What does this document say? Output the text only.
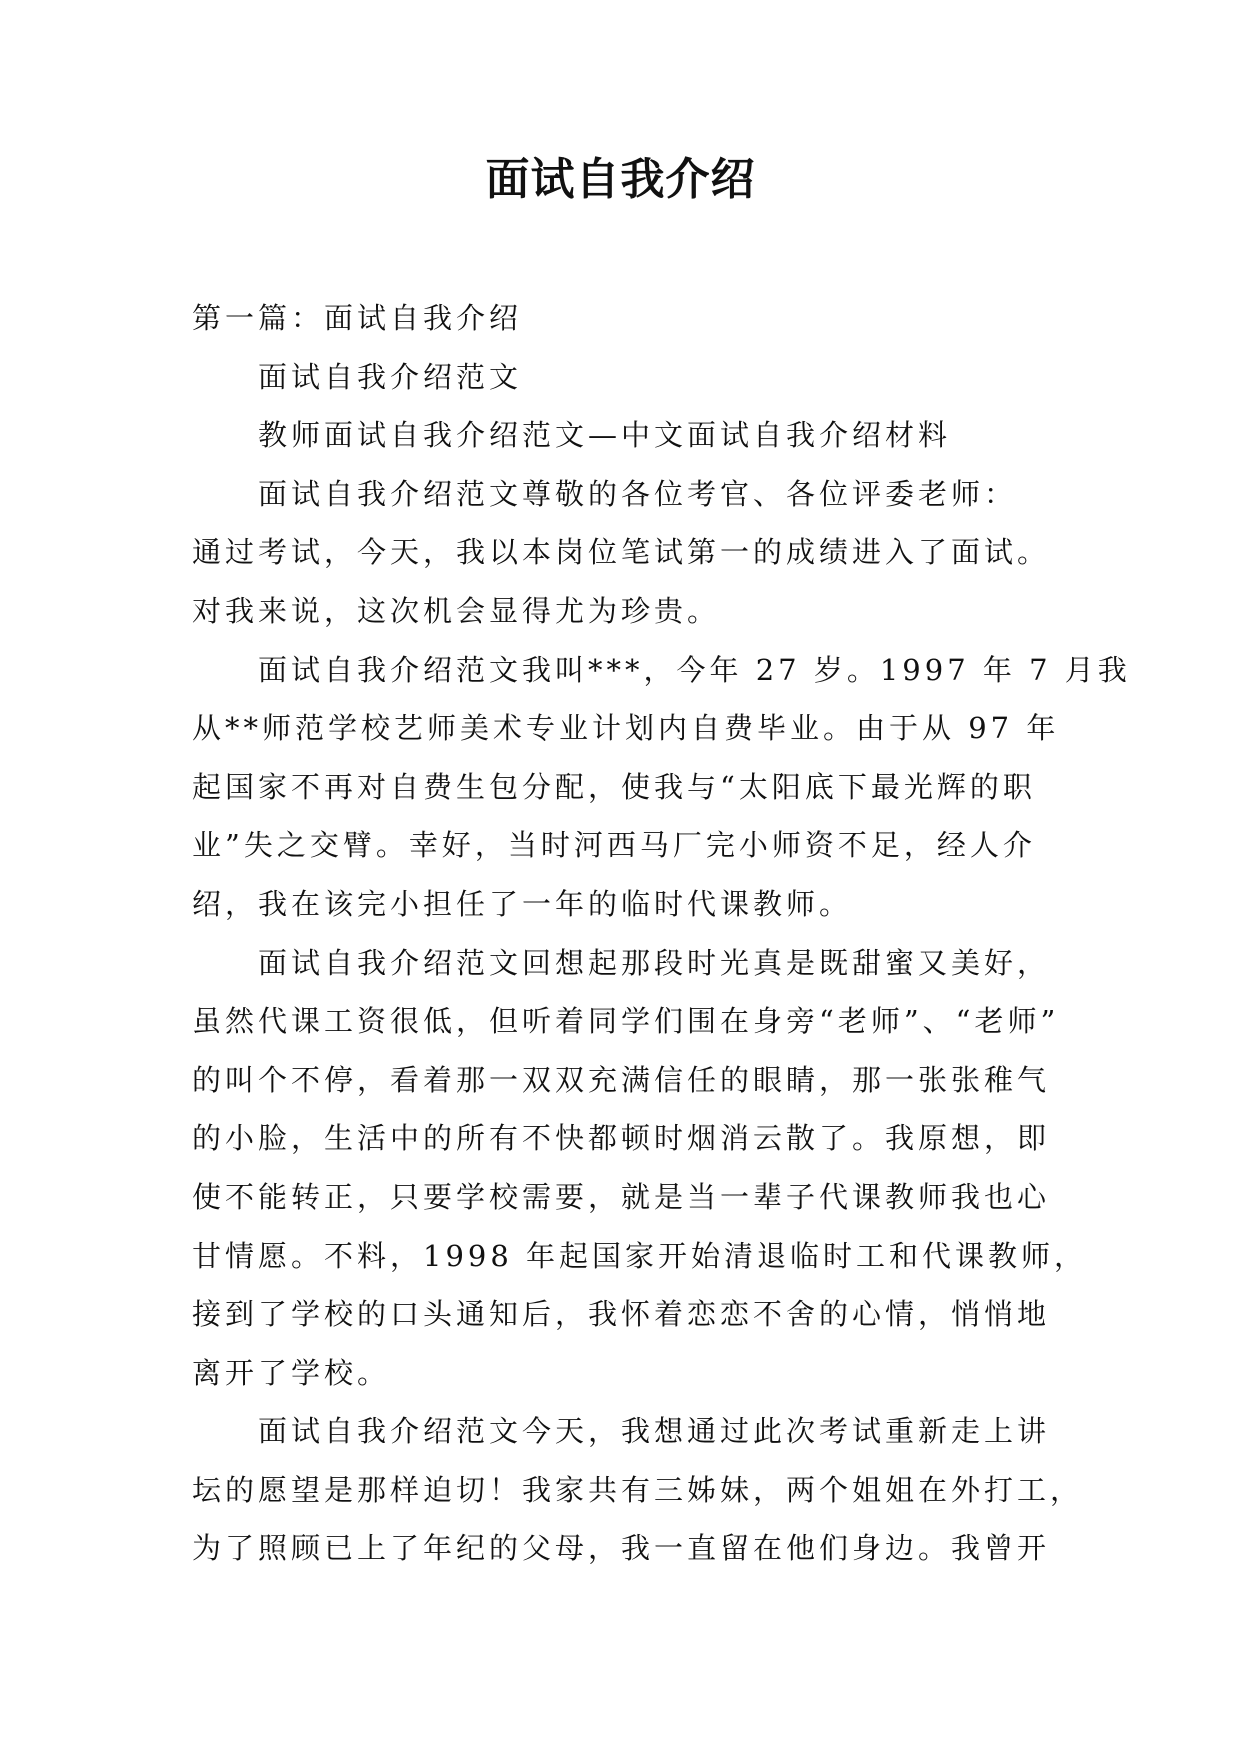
面试自我介绍
第一篇：面试自我介绍
　　面试自我介绍范文
　　教师面试自我介绍范文—中文面试自我介绍材料
　　面试自我介绍范文尊敬的各位考官、各位评委老师：
通过考试，今天，我以本岗位笔试第一的成绩进入了面试。
对我来说，这次机会显得尤为珍贵。
　　面试自我介绍范文我叫***，今年 27 岁。1997 年 7 月我
从**师范学校艺师美术专业计划内自费毕业。由于从 97 年
起国家不再对自费生包分配，使我与“太阳底下最光辉的职
业”失之交臂。幸好，当时河西马厂完小师资不足，经人介
绍，我在该完小担任了一年的临时代课教师。
　　面试自我介绍范文回想起那段时光真是既甜蜜又美好，
虽然代课工资很低，但听着同学们围在身旁“老师”、“老师”
的叫个不停，看着那一双双充满信任的眼睛，那一张张稚气
的小脸，生活中的所有不快都顿时烟消云散了。我原想，即
使不能转正，只要学校需要，就是当一辈子代课教师我也心
甘情愿。不料，1998 年起国家开始清退临时工和代课教师，
接到了学校的口头通知后，我怀着恋恋不舍的心情，悄悄地
离开了学校。
　　面试自我介绍范文今天，我想通过此次考试重新走上讲
坛的愿望是那样迫切！我家共有三姊妹，两个姐姐在外打工，
为了照顾已上了年纪的父母，我一直留在他们身边。我曾开
